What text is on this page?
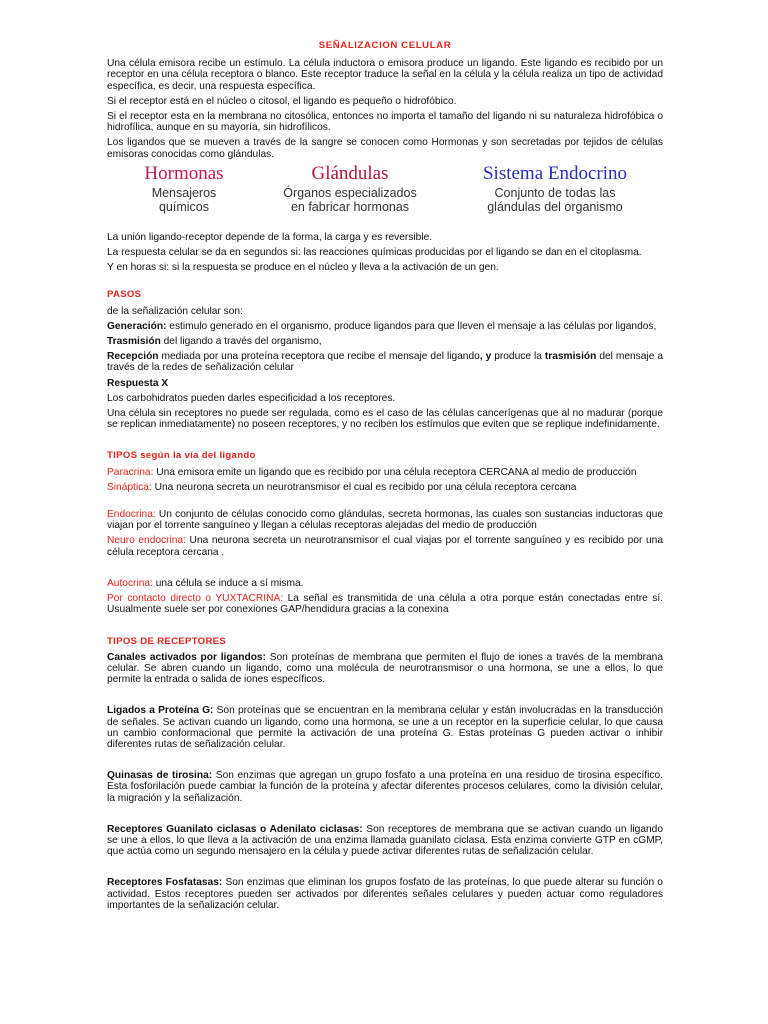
SEÑALIZACION CELULAR

Una célula emisora recibe un estímulo. La célula inductora o emisora produce un ligando. Este ligando es recibido por un receptor en una célula receptora o blanco. Este receptor traduce la señal en la célula y la célula realiza un tipo de actividad específica, es decir, una respuesta específica.

Si el receptor está en el núcleo o citosol, el ligando es pequeño o hidrofóbico.

Si el receptor esta en la membrana no citosólica, entonces no importa el tamaño del ligando ni su naturaleza hidrofóbica o hidrofílica, aunque en su mayoría, sin hidrofílicos.

Los ligandos que se mueven a través de la sangre se conocen como Hormonas y son secretadas por tejidos de células emisoras conocidas como glándulas.

Hormonas
Mensajeros
químicos
Glándulas
Órganos especializados
en fabricar hormonas
Sistema Endocrino
Conjunto de todas las
glándulas del organismo

La unión ligando-receptor depende de la forma, la carga y es reversible.

La respuesta celular se da en segundos si: las reacciones químicas producidas por el ligando se dan en el citoplasma.

Y en horas si: si la respuesta se produce en el núcleo y lleva a la activación de un gen.

PASOS

de la señalización celular son:

Generación: estimulo generado en el organismo, produce ligandos para que lleven el mensaje a las células por ligandos,

Trasmisión del ligando a través del organismo,

Recepción mediada por una proteína receptora que recibe el mensaje del ligando, y produce la trasmisión del mensaje a través de la redes de señalización celular

Respuesta X

Los carbohidratos pueden darles especificidad a los receptores.

Una célula sin receptores no puede ser regulada, como es el caso de las células cancerígenas que al no madurar (porque se replican inmediatamente) no poseen receptores, y no reciben los estímulos que eviten que se replique indefinidamente.

TIPOS según la vía del ligando

Paracrina: Una emisora emite un ligando que es recibido por una célula receptora CERCANA al medio de producción

Sináptica: Una neurona secreta un neurotransmisor el cual es recibido por una célula receptora cercana

Endocrina: Un conjunto de células conocido como glándulas, secreta hormonas, las cuales son sustancias inductoras que viajan por el torrente sanguíneo y llegan a células receptoras alejadas del medio de producción

Neuro endocrina: Una neurona secreta un neurotransmisor el cual viajas por el torrente sanguíneo y es recibido por una célula receptora cercana .

Autocrina: una célula se induce a sí misma.

Por contacto directo o YUXTACRINA: La señal es transmitida de una célula a otra porque están conectadas entre sí. Usualmente suele ser por conexiones GAP/hendidura gracias a la conexina

TIPOS DE RECEPTORES

Canales activados por ligandos: Son proteínas de membrana que permiten el flujo de iones a través de la membrana celular. Se abren cuando un ligando, como una molécula de neurotransmisor o una hormona, se une a ellos, lo que permite la entrada o salida de iones específicos.

Ligados a Proteína G: Son proteínas que se encuentran en la membrana celular y están involucradas en la transducción de señales. Se activan cuando un ligando, como una hormona, se une a un receptor en la superficie celular, lo que causa un cambio conformacional que permite la activación de una proteína G. Estas proteínas G pueden activar o inhibir diferentes rutas de señalización celular.

Quinasas de tirosina: Son enzimas que agregan un grupo fosfato a una proteína en una residuo de tirosina específico. Esta fosforilación puede cambiar la función de la proteína y afectar diferentes procesos celulares, como la división celular, la migración y la señalización.

Receptores Guanilato ciclasas o Adenilato ciclasas: Son receptores de membrana que se activan cuando un ligando se une a ellos, lo que lleva a la activación de una enzima llamada guanilato ciclasa. Esta enzima convierte GTP en cGMP, que actúa como un segundo mensajero en la célula y puede activar diferentes rutas de señalización celular.

Receptores Fosfatasas: Son enzimas que eliminan los grupos fosfato de las proteínas, lo que puede alterar su función o actividad. Estos receptores pueden ser activados por diferentes señales celulares y pueden actuar como reguladores importantes de la señalización celular.
